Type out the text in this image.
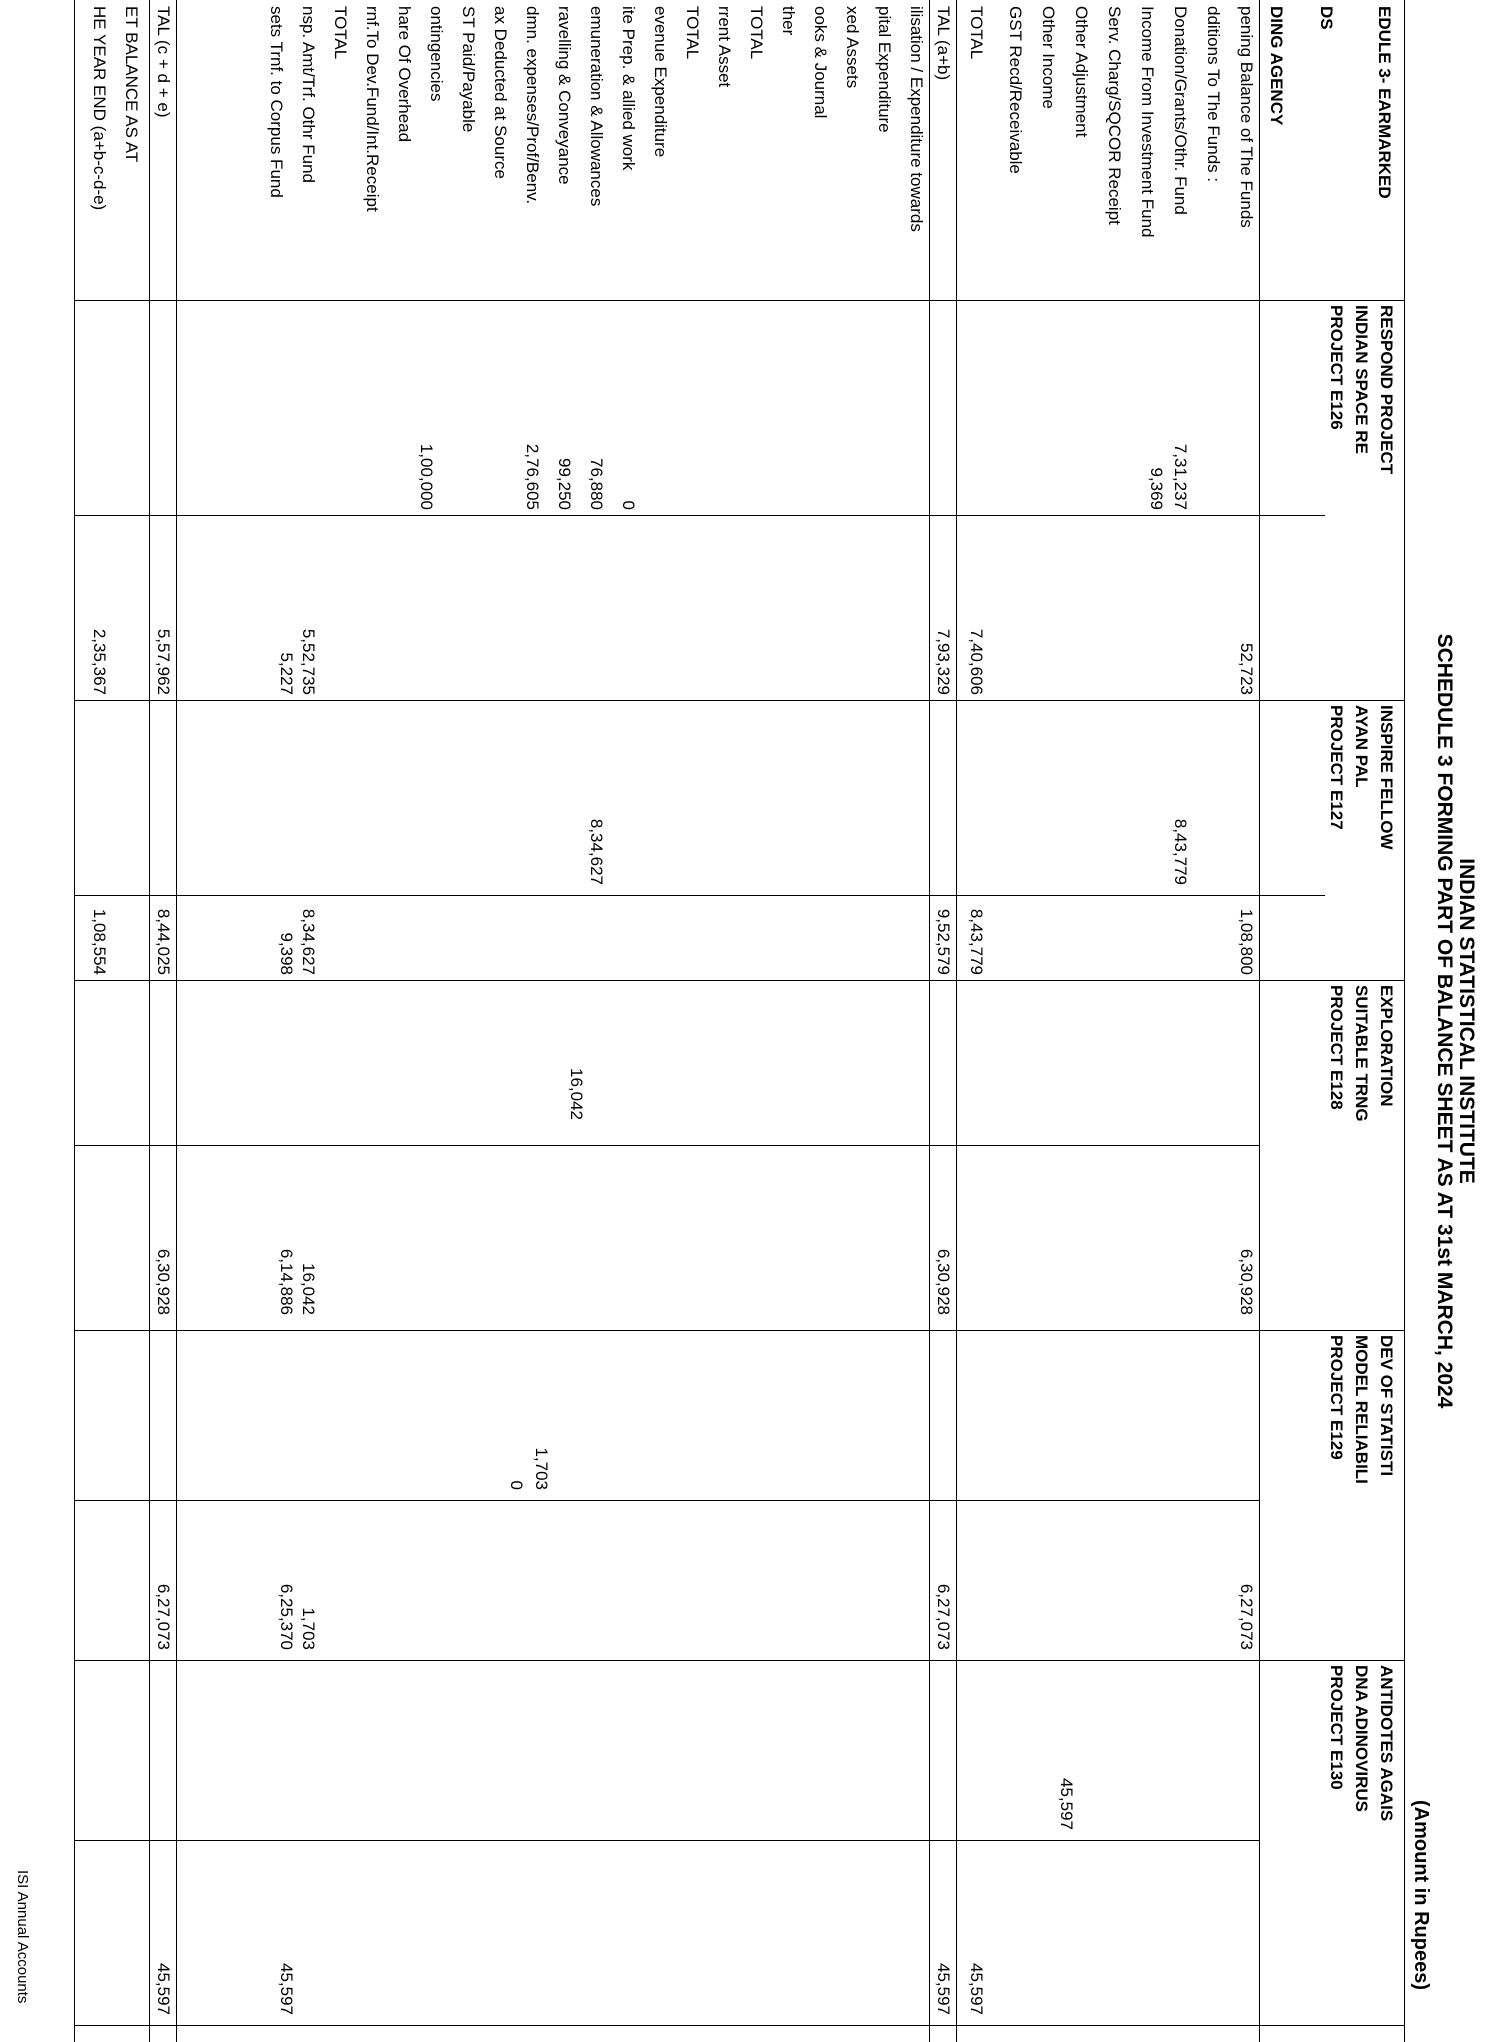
INDIAN STATISTICAL INSTITUTE
SCHEDULE 3 FORMING PART OF BALANCE SHEET AS AT 31st MARCH, 2024
(Amount in Rupees)
EDULE 3- EARMARKED
DS
DING AGENCY
RESPOND PROJECT
INDIAN SPACE RE
PROJECT E126
INSPIRE FELLOW
AYAN PAL
PROJECT E127
EXPLORATION
SUITABLE TRNG
PROJECT E128
DEV OF STATISTI
MODEL RELIABILI
PROJECT E129
ANTIDOTES AGAIS
DNA ADINOVIRUS
PROJECT E130
pening Balance of The Funds
dditions To The Funds :
Donation/Grants/Othr. Fund
Income From Investment Fund
Serv. Charg/SQCOR Receipt
Other Adjustment
Other Income
GST Recd/Receivable
TOTAL
TAL (a+b)
ilisation / Expenditure towards
pital Expenditure
xed Assets
ooks & Journal
ther
TOTAL
rrent Asset
TOTAL
evenue Expenditure
ite Prep. & allied work
emuneration & Allowances
ravelling & Conveyance
dmn. expenses/Prof/Benv.
ax Deducted at Source
ST Paid/Payable
ontingencies
hare Of Overhead
rnf.To Dev.Fund/Int.Receipt
TOTAL
nsp. Amt/Trf. Othr Fund
sets Trnf. to Corpus Fund
TAL (c + d + e)
ET BALANCE AS AT
HE YEAR END (a+b-c-d-e)
7,31,237
9,369
0
76,880
99,250
2,76,605
1,00,000
52,723
7,40,606
7,93,329
5,52,735
5,227
5,57,962
2,35,367
8,43,779
8,34,627
1,08,800
8,43,779
9,52,579
8,34,627
9,398
8,44,025
1,08,554
16,042
6,30,928
6,30,928
16,042
6,14,886
6,30,928
1,703
0
6,27,073
6,27,073
1,703
6,25,370
6,27,073
45,597
45,597
45,597
45,597
45,597
ISI Annual Accounts
